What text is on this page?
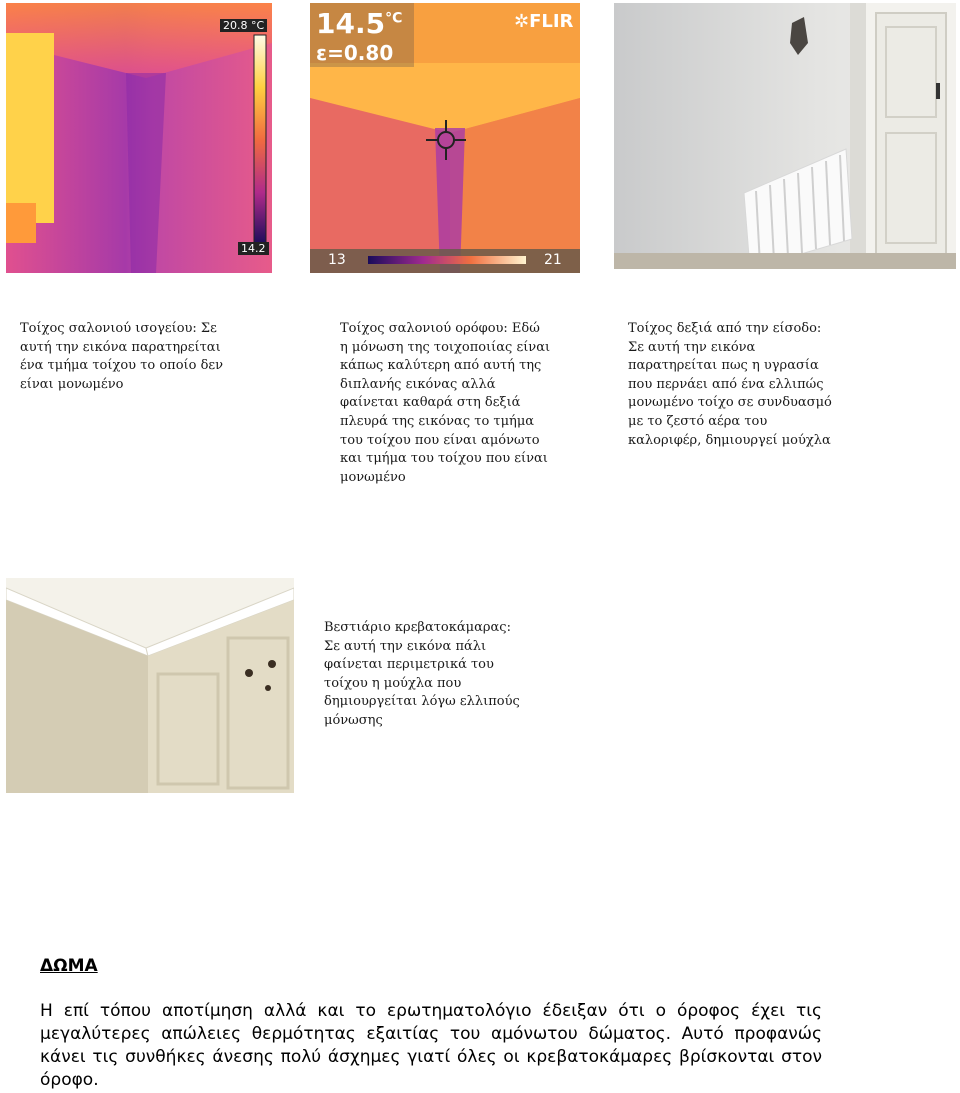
20.8 °C
14.2
$14.5^{^\circ C}$
ε=0.80
✲FLIR
13	21
Τοίχος σαλονιού ισογείου: Σε
αυτή την εικόνα παρατηρείται
ένα τμήμα τοίχου το οποίο δεν
είναι μονωμένο
Τοίχος σαλονιού ορόφου: Εδώ
η μόνωση της τοιχοποιίας είναι
κάπως καλύτερη από αυτή της
διπλανής εικόνας αλλά
φαίνεται καθαρά στη δεξιά
πλευρά της εικόνας το τμήμα
του τοίχου που είναι αμόνωτο
και τμήμα του τοίχου που είναι
μονωμένο
Τοίχος δεξιά από την είσοδο:
Σε αυτή την εικόνα
παρατηρείται πως η υγρασία
που περνάει από ένα ελλιπώς
μονωμένο τοίχο σε συνδυασμό
με το ζεστό αέρα του
καλοριφέρ, δημιουργεί μούχλα
Βεστιάριο κρεβατοκάμαρας:
Σε αυτή την εικόνα πάλι
φαίνεται περιμετρικά του
τοίχου η μούχλα που
δημιουργείται λόγω ελλιπούς
μόνωσης
ΔΩΜΑ
Η επί τόπου αποτίμηση αλλά και το ερωτηματολόγιο έδειξαν ότι ο όροφος έχει τις μεγαλύτερες απώλειες θερμότητας εξαιτίας του αμόνωτου δώματος. Αυτό προφανώς κάνει τις συνθήκες άνεσης πολύ άσχημες γιατί όλες οι κρεβατοκάμαρες βρίσκονται στον όροφο.
